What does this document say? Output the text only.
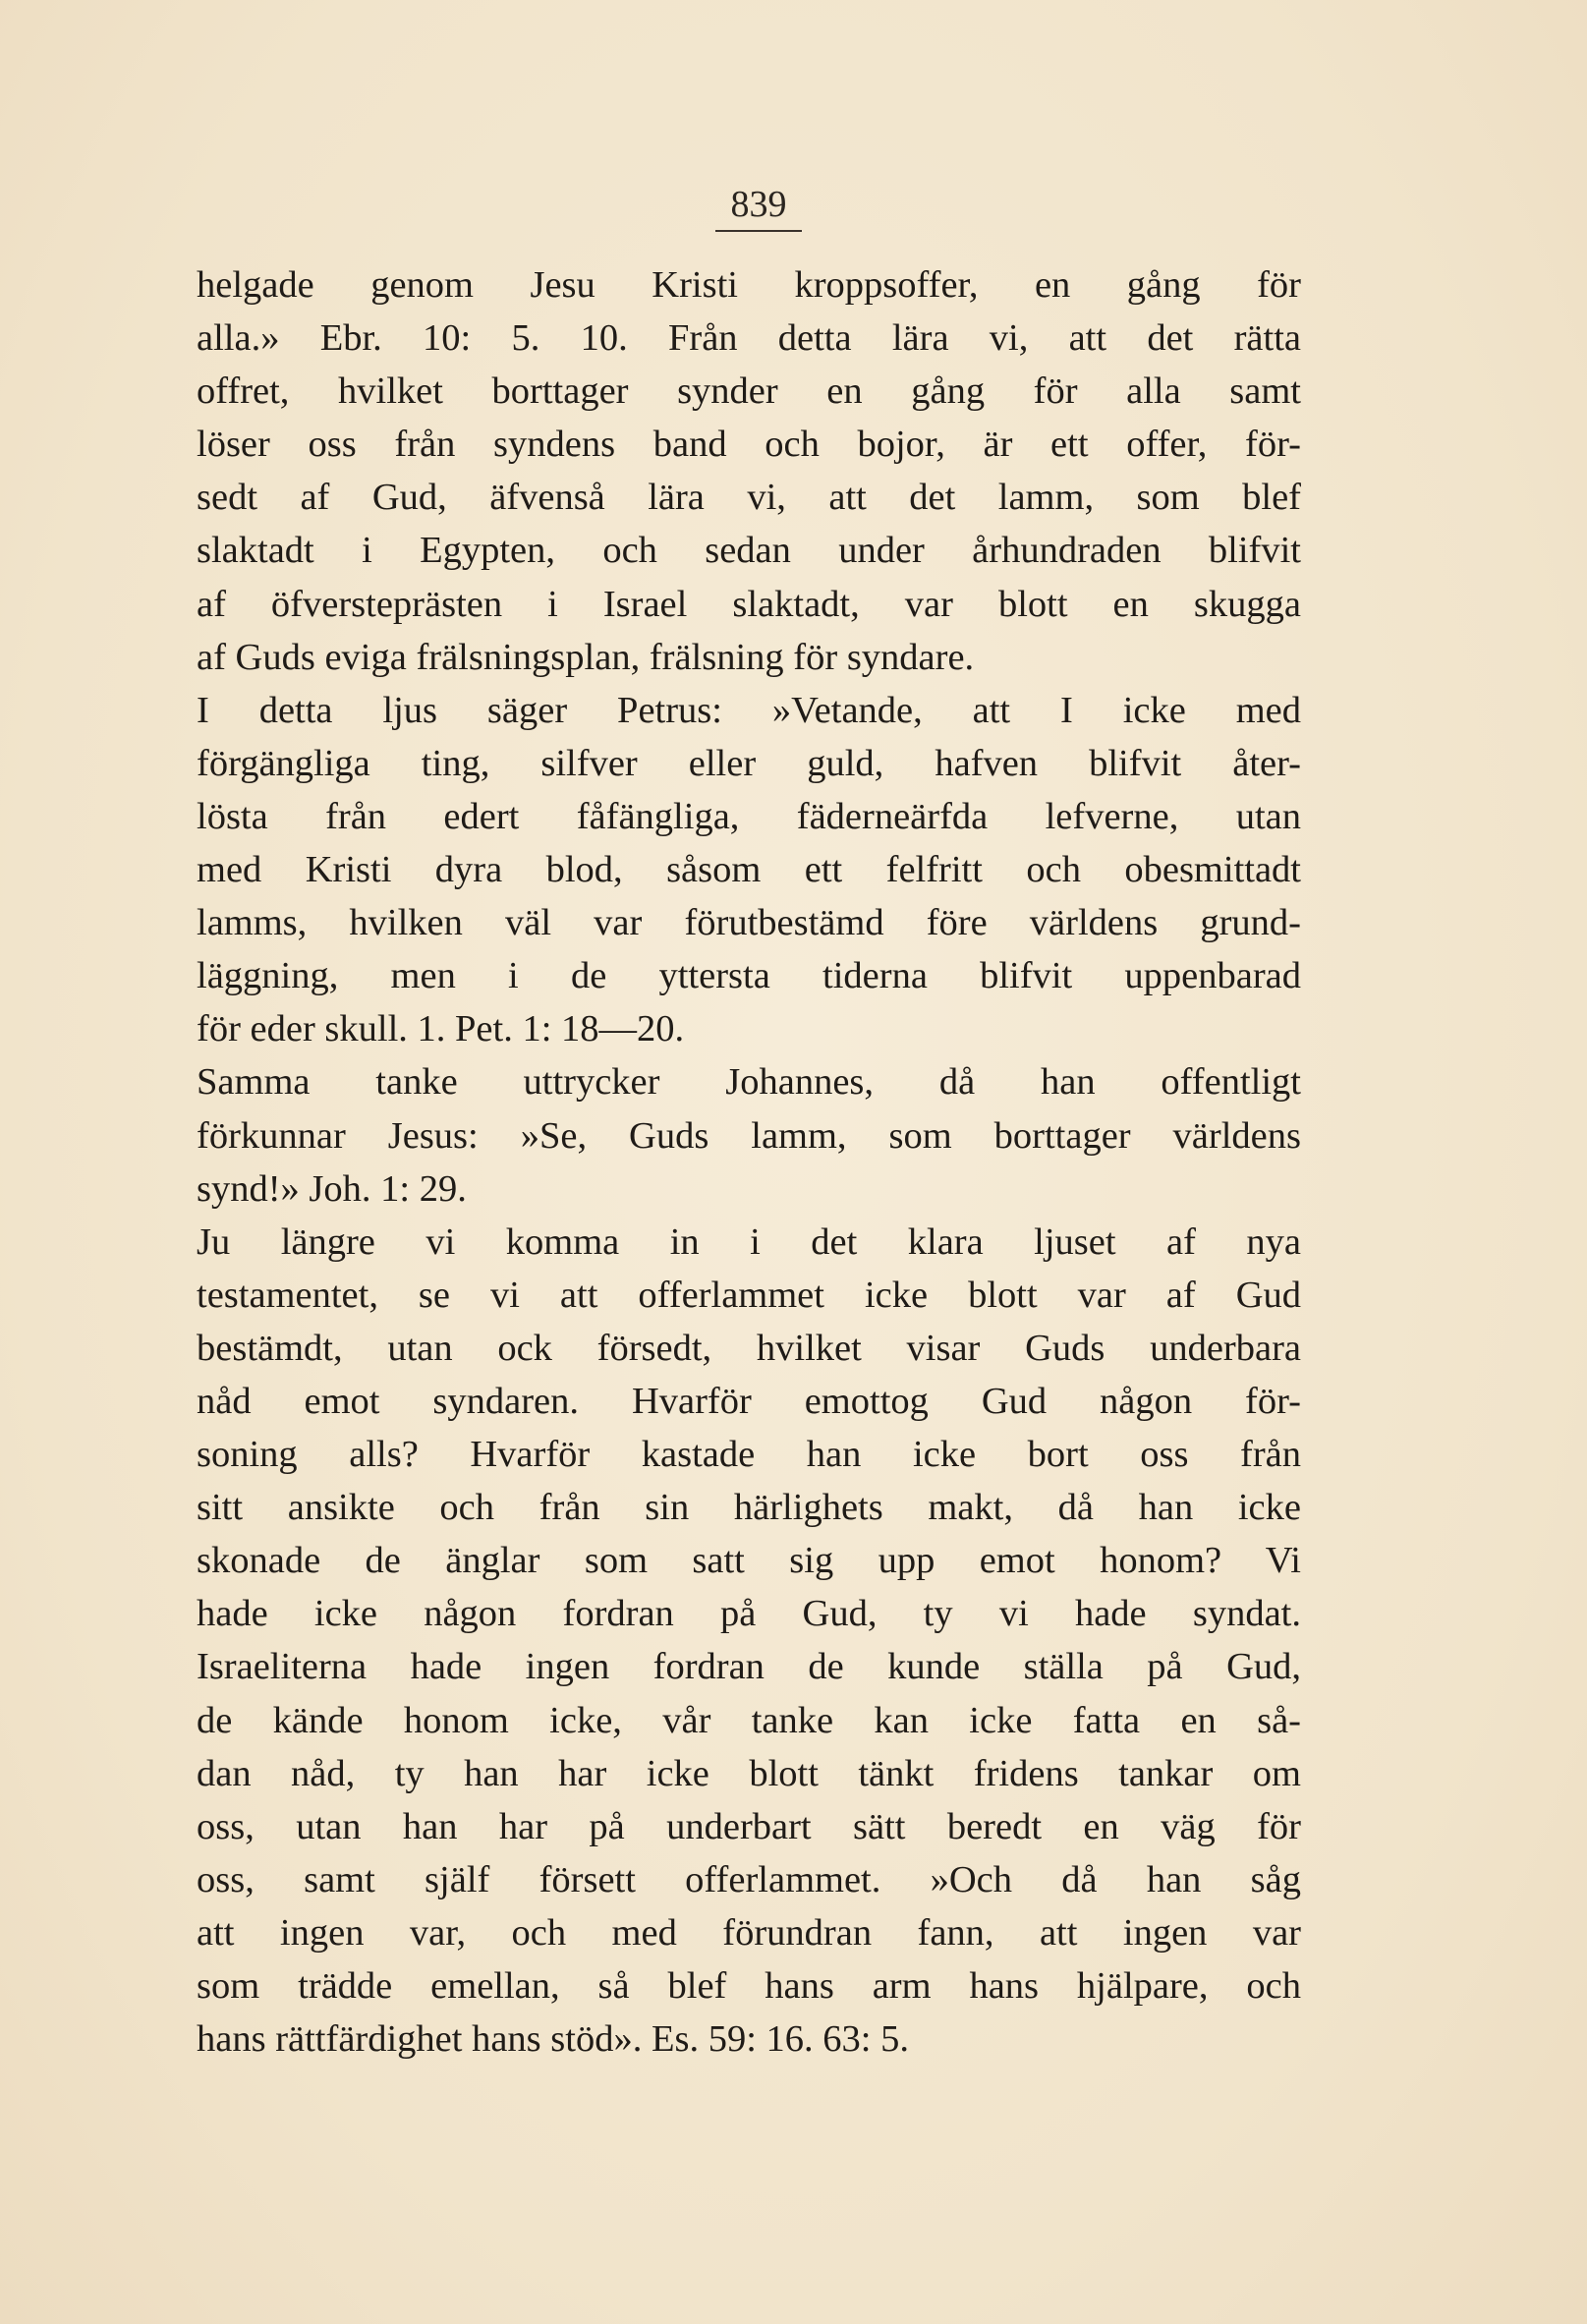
839
helgade genom Jesu Kristi kroppsoffer, en gång för
alla.» Ebr. 10: 5. 10. Från detta lära vi, att det rätta
offret, hvilket borttager synder en gång för alla samt
löser oss från syndens band och bojor, är ett offer, för-
sedt af Gud, äfvenså lära vi, att det lamm, som blef
slaktadt i Egypten, och sedan under århundraden blifvit
af öfversteprästen i Israel slaktadt, var blott en skugga
af Guds eviga frälsningsplan, frälsning för syndare.
I detta ljus säger Petrus: »Vetande, att I icke med
förgängliga ting, silfver eller guld, hafven blifvit åter-
lösta från edert fåfängliga, fäderneärfda lefverne, utan
med Kristi dyra blod, såsom ett felfritt och obesmittadt
lamms, hvilken väl var förutbestämd före världens grund-
läggning, men i de yttersta tiderna blifvit uppenbarad
för eder skull. 1. Pet. 1: 18—20.
Samma tanke uttrycker Johannes, då han offentligt
förkunnar Jesus: »Se, Guds lamm, som borttager världens
synd!» Joh. 1: 29.
Ju längre vi komma in i det klara ljuset af nya
testamentet, se vi att offerlammet icke blott var af Gud
bestämdt, utan ock försedt, hvilket visar Guds underbara
nåd emot syndaren. Hvarför emottog Gud någon för-
soning alls? Hvarför kastade han icke bort oss från
sitt ansikte och från sin härlighets makt, då han icke
skonade de änglar som satt sig upp emot honom? Vi
hade icke någon fordran på Gud, ty vi hade syndat.
Israeliterna hade ingen fordran de kunde ställa på Gud,
de kände honom icke, vår tanke kan icke fatta en så-
dan nåd, ty han har icke blott tänkt fridens tankar om
oss, utan han har på underbart sätt beredt en väg för
oss, samt själf försett offerlammet. »Och då han såg
att ingen var, och med förundran fann, att ingen var
som trädde emellan, så blef hans arm hans hjälpare, och
hans rättfärdighet hans stöd». Es. 59: 16. 63: 5.
